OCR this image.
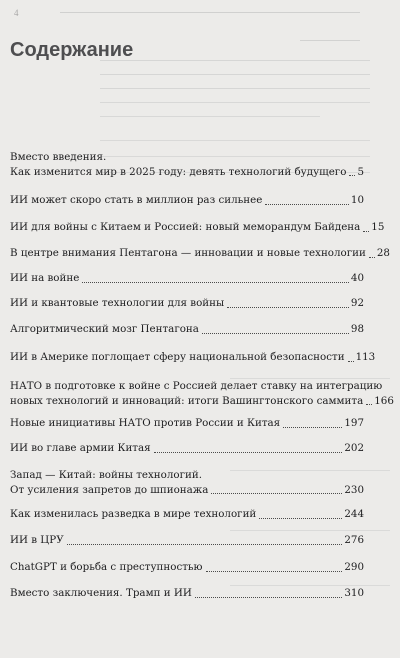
4
Содержание
Вместо введения.
Как изменится мир в 2025 году: девять технологий будущего 5
ИИ может скоро стать в миллион раз сильнее	10
ИИ для войны с Китаем и Россией: новый меморандум Байдена 15
В центре внимания Пентагона — инновации и новые технологии 28
ИИ на войне	40
ИИ и квантовые технологии для войны	92
Алгоритмический мозг Пентагона	98
ИИ в Америке поглощает сферу национальной безопасности 113
НАТО в подготовке к войне с Россией делает ставку на интеграцию
новых технологий и инноваций: итоги Вашингтонского саммита 166
Новые инициативы НАТО против России и Китая	197
ИИ во главе армии Китая	202
Запад — Китай: войны технологий.
От усиления запретов до шпионажа	230
Как изменилась разведка в мире технологий	244
ИИ в ЦРУ	276
ChatGPT и борьба с преступностью	290
Вместо заключения. Трамп и ИИ	310
